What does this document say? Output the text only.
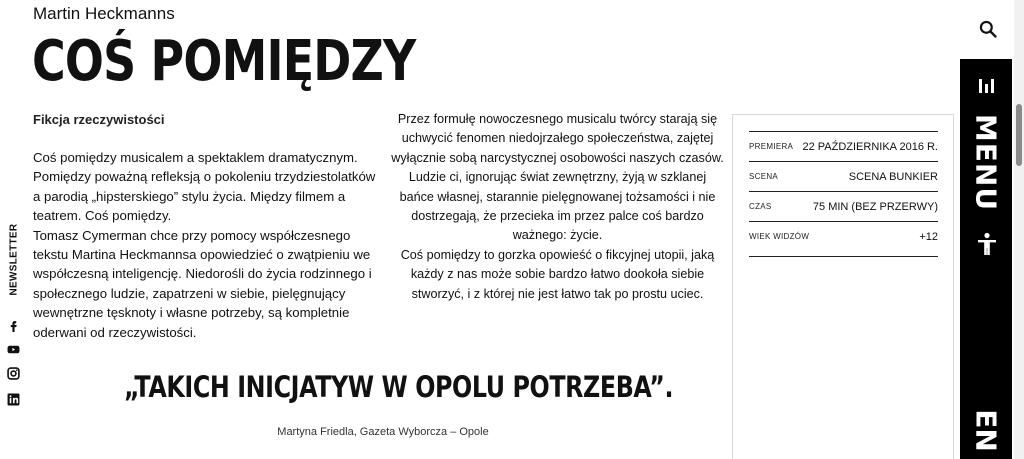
Martin Heckmanns
COŚ POMIĘDZY
Fikcja rzeczywistości

Coś pomiędzy musicalem a spektaklem dramatycznym. Pomiędzy poważną refleksją o pokoleniu trzydziestolatków a parodią „hipsterskiego” stylu życia. Między filmem a teatrem. Coś pomiędzy.

Tomasz Cymerman chce przy pomocy współczesnego tekstu Martina Heckmannsa opowiedzieć o zwątpieniu we współczesną inteligencję. Niedorośli do życia rodzinnego i społecznego ludzie, zapatrzeni w siebie, pielęgnujący wewnętrzne tęsknoty i własne potrzeby, są kompletnie oderwani od rzeczywistości.

Przez formułę nowoczesnego musicalu twórcy starają się uchwycić fenomen niedojrzałego społeczeństwa, zajętej wyłącznie sobą narcystycznej osobowości naszych czasów. Ludzie ci, ignorując świat zewnętrzny, żyją w szklanej bańce własnej, starannie pielęgnowanej tożsamości i nie dostrzegają, że przecieka im przez palce coś bardzo ważnego: życie.

Coś pomiędzy to gorzka opowieść o fikcyjnej utopii, jaką każdy z nas może sobie bardzo łatwo dookoła siebie stworzyć, i z której nie jest łatwo tak po prostu uciec.

PREMIERA 22 PAŹDZIERNIKA 2016 R.
SCENA	SCENA BUNKIER
CZAS	75 MIN (BEZ PRZERWY)
WIEK WIDZÓW	+12
„TAKICH INICJATYW W OPOLU POTRZEBA”.
Martyna Friedla, Gazeta Wyborcza – Opole
NEWSLETTER
MENU
EN
